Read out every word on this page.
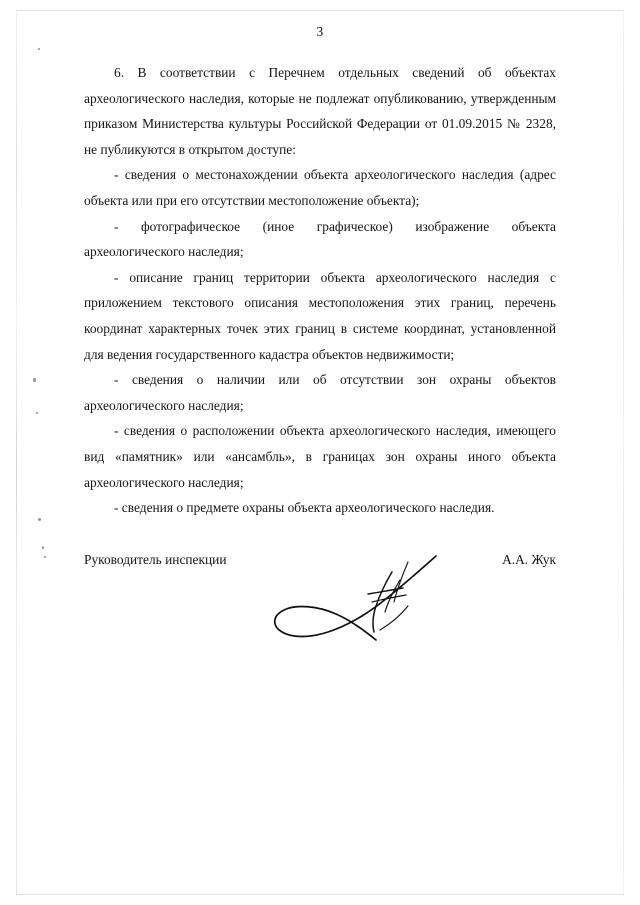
3

6. В соответствии с Перечнем отдельных сведений об объектах археологического наследия, которые не подлежат опубликованию, утвержденным приказом Министерства культуры Российской Федерации от 01.09.2015 № 2328, не публикуются в открытом доступе:

- сведения о местонахождении объекта археологического наследия (адрес объекта или при его отсутствии местоположение объекта);

- фотографическое (иное графическое) изображение объекта археологического наследия;

- описание границ территории объекта археологического наследия с приложением текстового описания местоположения этих границ, перечень координат характерных точек этих границ в системе координат, установленной для ведения государственного кадастра объектов недвижимости;

- сведения о наличии или об отсутствии зон охраны объектов археологического наследия;

- сведения о расположении объекта археологического наследия, имеющего вид «памятник» или «ансамбль», в границах зон охраны иного объекта археологического наследия;

- сведения о предмете охраны объекта археологического наследия.

Руководитель инспекции	А.А. Жук
